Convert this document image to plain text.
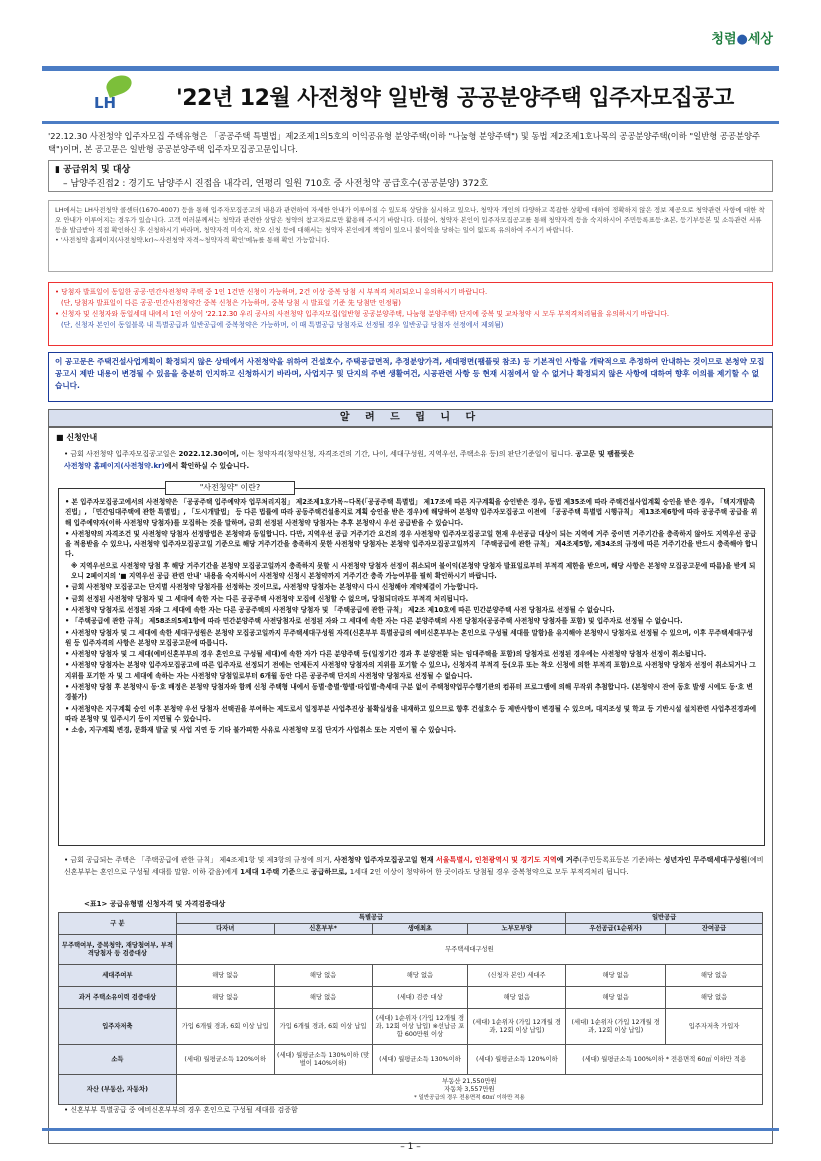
청렴●세상
LH	'22년 12월 사전청약 일반형 공공분양주택 입주자모집공고
'22.12.30 사전청약 입주자모집 주택유형은 「공공주택 특별법」제2조제1의5호의 이익공유형 분양주택(이하 "나눔형 분양주택") 및 동법 제2조제1호나목의 공공분양주택(이하 "일반형 공공분양주택")이며, 본 공고문은 일반형 공공분양주택 입주자모집공고문입니다.
▮ 공급위치 및 대상
– 남양주진접2 : 경기도 남양주시 진접읍 내각리, 연평리 일원 710호 중 사전청약 공급호수(공공분양) 372호
LH에서는 LH사전청약 콜센터(1670-4007) 등을 통해 입주자모집공고의 내용과 관련하여 자세한 안내가 이루어질 수 있도록 상담을 실시하고 있으나, 청약자 개인의 다양하고 복잡한 상황에 대하여 정확하지 않은 정보 제공으로 청약관련 사항에 대한 착오 안내가 이루어지는 경우가 있습니다. 고객 여러분께서는 청약과 관련한 상담은 청약의 참고자료로만 활용해 주시기 바랍니다. 더불어, 청약자 본인이 입주자모집공고를 통해 청약자격 등을 숙지하시어 주민등록표등·초본, 등기부등본 및 소득관련 서류 등을 발급받아 직접 확인하신 후 신청하시기 바라며, 청약자격 미숙지, 착오 신청 등에 대해서는 청약자 본인에게 책임이 있으니 불이익을 당하는 일이 없도록 유의하여 주시기 바랍니다.
• '사전청약 홈페이지(사전청약.kr)~사전청약 자격~청약자격 확인'메뉴를 통해 확인 가능합니다.
• 당첨자 발표일이 동일한 공공·민간사전청약 주택 중 1인 1건만 신청이 가능하며, 2건 이상 중복 당첨 시 부적격 처리되오니 유의하시기 바랍니다.
(단, 당첨자 발표일이 다른 공공·민간사전청약간 중복 신청은 가능하며, 중복 당첨 시 발표일 기준 先 당첨만 인정됨)
• 신청자 및 신청자와 동일세대 내에서 1인 이상이 '22.12.30 우리 공사의 사전청약 입주자모집(일반형 공공분양주택, 나눔형 분양주택) 단지에 중복 및 교차청약 시 모두 부적격처리됨을 유의하시기 바랍니다.
(단, 신청자 본인이 동일블록 내 특별공급과 일반공급에 중복청약은 가능하며, 이 때 특별공급 당첨자로 선정될 경우 일반공급 당첨자 선정에서 제외됨)
이 공고문은 주택건설사업계획이 확정되지 않은 상태에서 사전청약을 위하여 건설호수, 주택공급면적, 추정분양가격, 세대평면(팸플릿 참조) 등 기본적인 사항을 개략적으로 추정하여 안내하는 것이므로 본청약 모집공고시 제반 내용이 변경될 수 있음을 충분히 인지하고 신청하시기 바라며, 사업지구 및 단지의 주변 생활여건, 시공관련 사항 등 현재 시점에서 알 수 없거나 확정되지 않은 사항에 대하여 향후 이의를 제기할 수 없습니다.
알 려 드 립 니 다
■ 신청안내
• 금회 사전청약 입주자모집공고일은 2022.12.30이며, 이는 청약자격(청약신청, 자격조건의 기간, 나이, 세대구성원, 지역우선, 주택소유 등)의 판단기준일이 됩니다. 공고문 및 팸플릿은
사전청약 홈페이지(사전청약.kr)에서 확인하실 수 있습니다.
"사전청약" 이란?

• 본 입주자모집공고에서의 사전청약은 「공공주택 입주예약자 업무처리지침」 제2조제1호가목~다목(「공공주택 특별법」 제17조에 따른 지구계획을 승인받은 경우, 동법 제35조에 따라 주택건설사업계획 승인을 받은 경우, 「택지개발촉진법」, 「민간임대주택에 관한 특별법」, 「도시개발법」 등 다른 법률에 따라 공동주택건설용지로 계획 승인을 받은 경우)에 해당하여 본청약 입주자모집공고 이전에 「공공주택 특별법 시행규칙」 제13조제6항에 따라 공공주택 공급을 위해 입주예약자(이하 사전청약 당첨자)를 모집하는 것을 말하며, 금회 선정된 사전청약 당첨자는 추후 본청약시 우선 공급받을 수 있습니다.

• 사전청약의 자격조건 및 사전청약 당첨자 선정방법은 본청약과 동일합니다. 다만, 지역우선 공급 거주기간 요건의 경우 사전청약 입주자모집공고일 현재 우선공급 대상이 되는 지역에 거주 중이면 거주기간을 충족하지 않아도 지역우선 공급을 적용받을 수 있으나, 사전청약 입주자모집공고일 기준으로 해당 거주기간을 충족하지 못한 사전청약 당첨자는 본청약 입주자모집공고일까지 「주택공급에 관한 규칙」 제4조제5항, 제34조의 규정에 따른 거주기간을 반드시 충족해야 합니다.

※ 지역우선으로 사전청약 당첨 후 해당 거주기간을 본청약 모집공고일까지 충족하지 못할 시 사전청약 당첨자 선정이 취소되며 불이익(본청약 당첨자 발표일로부터 부적격 제한을 받으며, 해당 사항은 본청약 모집공고문에 따름)을 받게 되오니 2페이지의 '■ 지역우선 공급 관련 안내' 내용을 숙지하시어 사전청약 신청시 본청약까지 거주기간 충족 가능여부를 필히 확인하시기 바랍니다.

• 금회 사전청약 모집공고는 단지별 사전청약 당첨자를 선정하는 것이므로, 사전청약 당첨자는 본청약시 다시 신청해야 계약체결이 가능합니다.

• 금회 선정된 사전청약 당첨자 및 그 세대에 속한 자는 다른 공공주택 사전청약 모집에 신청할 수 없으며, 당첨되더라도 부적격 처리됩니다.

• 사전청약 당첨자로 선정된 자와 그 세대에 속한 자는 다른 공공주택의 사전청약 당첨자 및 「주택공급에 관한 규칙」 제2조 제10호에 따른 민간분양주택 사전 당첨자로 선정될 수 없습니다.

• 「주택공급에 관한 규칙」 제58조의5제1항에 따라 민간분양주택 사전당첨자로 선정된 자와 그 세대에 속한 자는 다른 분양주택의 사전 당첨자(공공주택 사전청약 당첨자를 포함) 및 입주자로 선정될 수 없습니다.

• 사전청약 당첨자 및 그 세대에 속한 세대구성원은 본청약 모집공고일까지 무주택세대구성원 자격(신혼부부 특별공급의 예비신혼부부는 혼인으로 구성될 세대를 말함)을 유지해야 본청약시 당첨자로 선정될 수 있으며, 이후 무주택세대구성원 등 입주자격의 사항은 본청약 모집공고문에 따릅니다.

• 사전청약 당첨자 및 그 세대(예비신혼부부의 경우 혼인으로 구성될 세대)에 속한 자가 다른 분양주택 등(일정기간 경과 후 분양전환 되는 임대주택을 포함)의 당첨자로 선정된 경우에는 사전청약 당첨자 선정이 취소됩니다.

• 사전청약 당첨자는 본청약 입주자모집공고에 따른 입주자로 선정되기 전에는 언제든지 사전청약 당첨자의 지위를 포기할 수 있으나, 신청자격 부적격 등(오류 또는 착오 신청에 의한 부적격 포함)으로 사전청약 당첨자 선정이 취소되거나 그 지위를 포기한 자 및 그 세대에 속하는 자는 사전청약 당첨일로부터 6개월 동안 다른 공공주택 단지의 사전청약 당첨자로 선정될 수 없습니다.

• 사전청약 당첨 후 본청약시 동·호 배정은 본청약 당첨자와 함께 신청 주택형 내에서 동별·층별·향별·타입별·측세대 구분 없이 주택청약업무수행기관의 컴퓨터 프로그램에 의해 무작위 추첨합니다. (본청약시 잔여 동호 발생 시에도 동·호 변경불가)

• 사전청약은 지구계획 승인 이후 본청약 우선 당첨자 선택권을 부여하는 제도로서 일정부분 사업추진상 불확실성을 내재하고 있으므로 향후 건설호수 등 제반사항이 변경될 수 있으며, 대지조성 및 학교 등 기반시설 설치관련 사업추진경과에 따라 본청약 및 입주시기 등이 지연될 수 있습니다.

• 소송, 지구계획 변경, 문화재 발굴 및 사업 지연 등 기타 불가피한 사유로 사전청약 모집 단지가 사업취소 또는 지연이 될 수 있습니다.

• 금회 공급되는 주택은 「주택공급에 관한 규칙」 제4조제1항 및 제3항의 규정에 의거, 사전청약 입주자모집공고일 현재 서울특별시, 인천광역시 및 경기도 지역에 거주(주민등록표등본 기준)하는 성년자인 무주택세대구성원(예비신혼부부는 혼인으로 구성될 세대를 말함. 이하 같음)에게 1세대 1주택 기준으로 공급하므로, 1세대 2인 이상이 청약하여 한 곳이라도 당첨될 경우 중복청약으로 모두 부적격처리 됩니다.
<표1> 공급유형별 신청자격 및 자격검증대상
구 분	특별공급				일반공급	
	다자녀	신혼부부*	생애최초	노부모부양	우선공급(1순위자)	잔여공급
무주택여부, 중복청약, 재당첨여부, 부적격당첨자 등 검증대상	무주택세대구성원					
세대주여부	해당 없음	해당 없음	해당 없음	(신청자 본인) 세대주	해당 없음	해당 없음
과거 주택소유이력 검증대상	해당 없음	해당 없음	(세대) 검증 대상	해당 없음	해당 없음	해당 없음
입주자저축	가입 6개월 경과, 6회 이상 납입	가입 6개월 경과, 6회 이상 납입	(세대) 1순위자 (가입 12개월 경과, 12회 이상 납입) ※선납금 포함 600만원 이상	(세대) 1순위자 (가입 12개월 경과, 12회 이상 납입)	(세대) 1순위자 (가입 12개월 경과, 12회 이상 납입)	입주자저축 가입자
소득	(세대) 월평균소득 120%이하	(세대) 월평균소득 130%이하 (맞벌이 140%이하)	(세대) 월평균소득 130%이하	(세대) 월평균소득 120%이하	(세대) 월평균소득 100%이하 * 전용면적 60㎡ 이하만 적용	
자산 (부동산, 자동차)	부동산 21,550만원
자동차 3,557만원
* 일반공급의 경우 전용면적 60㎡ 이하만 적용					
• 신혼부부 특별공급 중 예비신혼부부의 경우 혼인으로 구성될 세대를 검증함
– 1 –
